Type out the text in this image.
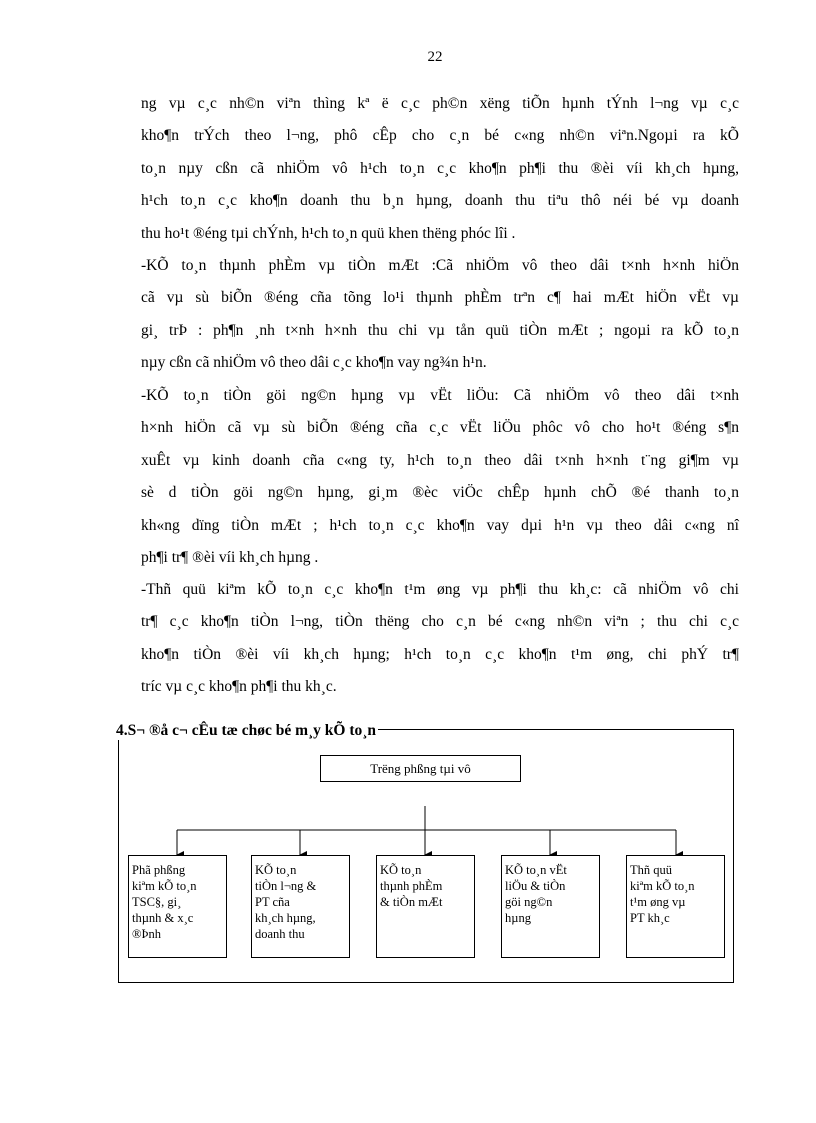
22
ng vµ c¸c nh©n viªn thìng kª ë c¸c ph©n xëng tiÕn hµnh tÝnh l¬ng vµ c¸c
kho¶n trÝch theo l¬ng, phô cÊp cho c¸n bé c«ng nh©n viªn.Ngoµi ra kÕ
to¸n nµy cßn cã nhiÖm vô h¹ch to¸n c¸c kho¶n ph¶i thu ®èi víi kh¸ch hµng,
h¹ch to¸n c¸c kho¶n doanh thu b¸n hµng, doanh thu tiªu thô néi bé vµ doanh
thu ho¹t ®éng tµi chÝnh, h¹ch to¸n quü khen thëng phóc lîi .
-KÕ to¸n thµnh phÈm vµ tiÒn mÆt :Cã nhiÖm vô theo dâi t×nh h×nh hiÖn
cã vµ sù biÕn ®éng cña tõng lo¹i thµnh phÈm trªn c¶ hai mÆt hiÖn vËt vµ
gi¸ trÞ : ph¶n ¸nh t×nh h×nh thu chi vµ tån quü tiÒn mÆt ; ngoµi ra kÕ to¸n
nµy cßn cã nhiÖm vô theo dâi c¸c kho¶n vay ng¾n h¹n.
-KÕ to¸n tiÒn göi ng©n hµng vµ vËt liÖu: Cã nhiÖm vô theo dâi t×nh
h×nh hiÖn cã vµ sù biÕn ®éng cña c¸c vËt liÖu phôc vô cho ho¹t ®éng s¶n
xuÊt vµ kinh doanh cña c«ng ty, h¹ch to¸n theo dâi t×nh h×nh t¨ng gi¶m vµ
sè d tiÒn göi ng©n hµng, gi¸m ®èc viÖc chÊp hµnh chÕ ®é thanh to¸n
kh«ng dïng tiÒn mÆt ; h¹ch to¸n c¸c kho¶n vay dµi h¹n vµ theo dâi c«ng nî
ph¶i tr¶ ®èi víi kh¸ch hµng .
-Thñ quü kiªm kÕ to¸n c¸c kho¶n t¹m øng vµ ph¶i thu kh¸c: cã nhiÖm vô chi
tr¶ c¸c kho¶n tiÒn l¬ng, tiÒn thëng cho c¸n bé c«ng nh©n viªn ; thu chi c¸c
kho¶n tiÒn ®èi víi kh¸ch hµng; h¹ch to¸n c¸c kho¶n t¹m øng, chi phÝ tr¶
tríc vµ c¸c kho¶n ph¶i thu kh¸c.
4.S¬ ®å c¬ cÊu tæ chøc bé m¸y kÕ to¸n
Trëng phßng tµi vô
Phã phßng
kiªm kÕ to¸n
TSC§, gi¸
thµnh & x¸c
®Þnh
KÕ to¸n
tiÒn l¬ng &
PT cña
kh¸ch hµng,
doanh thu
KÕ to¸n
thµnh phÈm
& tiÒn mÆt
KÕ to¸n vËt
liÖu & tiÒn
göi ng©n
hµng
Thñ quü
kiªm kÕ to¸n
t¹m øng vµ
PT kh¸c
